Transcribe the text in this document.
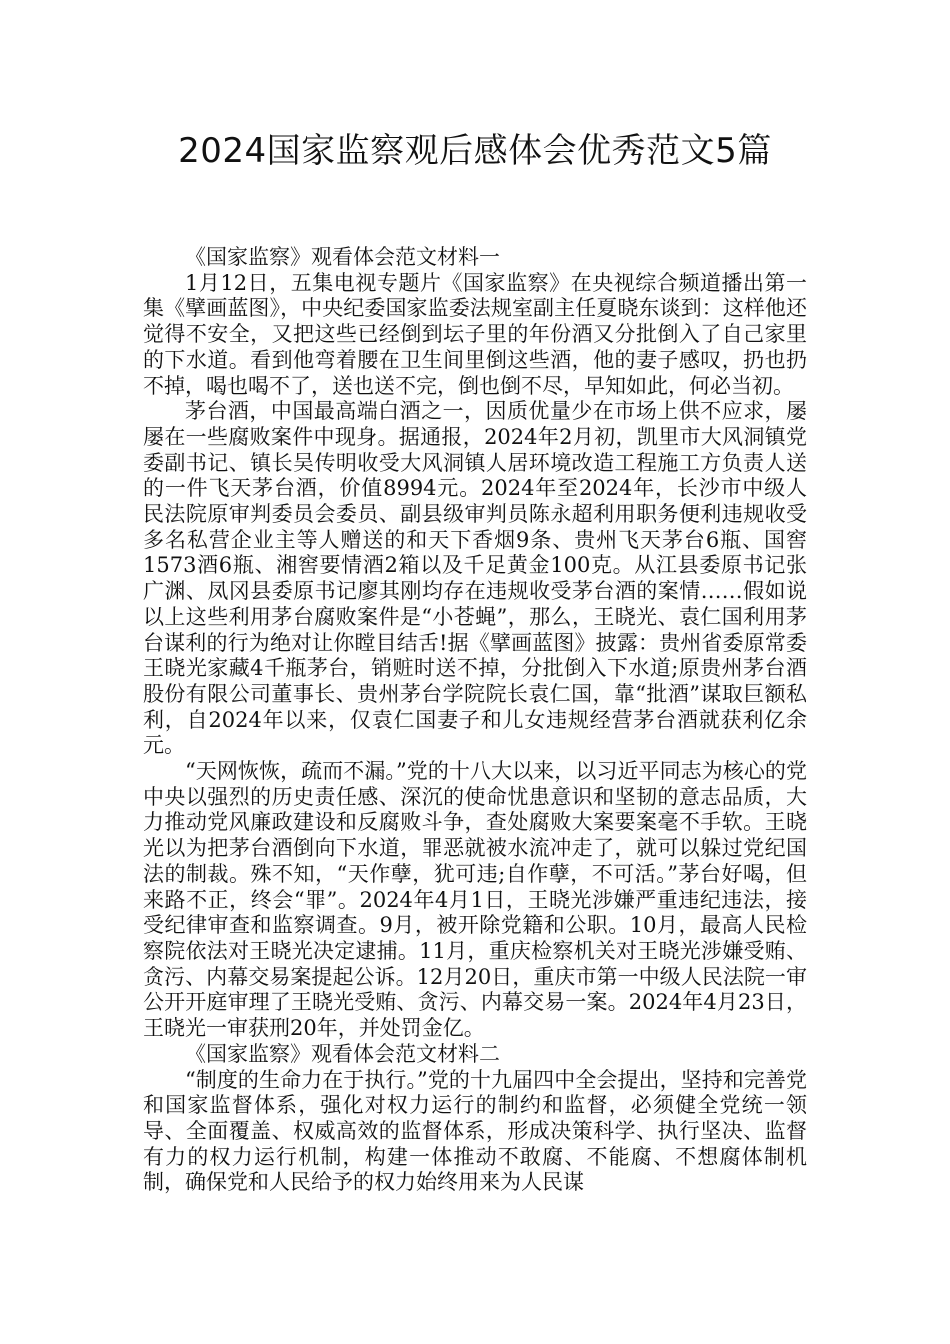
2024国家监察观后感体会优秀范文5篇

《国家监察》观看体会范文材料一

1月12日，五集电视专题片《国家监察》在央视综合频道播出第一集《擘画蓝图》，中央纪委国家监委法规室副主任夏晓东谈到：这样他还觉得不安全，又把这些已经倒到坛子里的年份酒又分批倒入了自己家里的下水道。看到他弯着腰在卫生间里倒这些酒，他的妻子感叹，扔也扔不掉，喝也喝不了，送也送不完，倒也倒不尽，早知如此，何必当初。

茅台酒，中国最高端白酒之一，因质优量少在市场上供不应求，屡屡在一些腐败案件中现身。据通报，2024年2月初，凯里市大风洞镇党委副书记、镇长吴传明收受大风洞镇人居环境改造工程施工方负责人送的一件飞天茅台酒，价值8994元。2024年至2024年，长沙市中级人民法院原审判委员会委员、副县级审判员陈永超利用职务便利违规收受多名私营企业主等人赠送的和天下香烟9条、贵州飞天茅台6瓶、国窖1573酒6瓶、湘窖要情酒2箱以及千足黄金100克。从江县委原书记张广渊、凤冈县委原书记廖其刚均存在违规收受茅台酒的案情……假如说以上这些利用茅台腐败案件是“小苍蝇”，那么，王晓光、袁仁国利用茅台谋利的行为绝对让你瞠目结舌!据《擘画蓝图》披露：贵州省委原常委王晓光家藏4千瓶茅台，销赃时送不掉，分批倒入下水道;原贵州茅台酒股份有限公司董事长、贵州茅台学院院长袁仁国，靠“批酒”谋取巨额私利，自2024年以来，仅袁仁国妻子和儿女违规经营茅台酒就获利亿余元。

“天网恢恢，疏而不漏。”党的十八大以来，以习近平同志为核心的党中央以强烈的历史责任感、深沉的使命忧患意识和坚韧的意志品质，大力推动党风廉政建设和反腐败斗争，查处腐败大案要案毫不手软。王晓光以为把茅台酒倒向下水道，罪恶就被水流冲走了，就可以躲过党纪国法的制裁。殊不知，“天作孽，犹可违;自作孽，不可活。”茅台好喝，但来路不正，终会“罪”。2024年4月1日，王晓光涉嫌严重违纪违法，接受纪律审查和监察调查。9月，被开除党籍和公职。10月，最高人民检察院依法对王晓光决定逮捕。11月，重庆检察机关对王晓光涉嫌受贿、贪污、内幕交易案提起公诉。12月20日，重庆市第一中级人民法院一审公开开庭审理了王晓光受贿、贪污、内幕交易一案。2024年4月23日，王晓光一审获刑20年，并处罚金亿。

《国家监察》观看体会范文材料二

“制度的生命力在于执行。”党的十九届四中全会提出，坚持和完善党和国家监督体系，强化对权力运行的制约和监督，必须健全党统一领导、全面覆盖、权威高效的监督体系，形成决策科学、执行坚决、监督有力的权力运行机制，构建一体推动不敢腐、不能腐、不想腐体制机制，确保党和人民给予的权力始终用来为人民谋
